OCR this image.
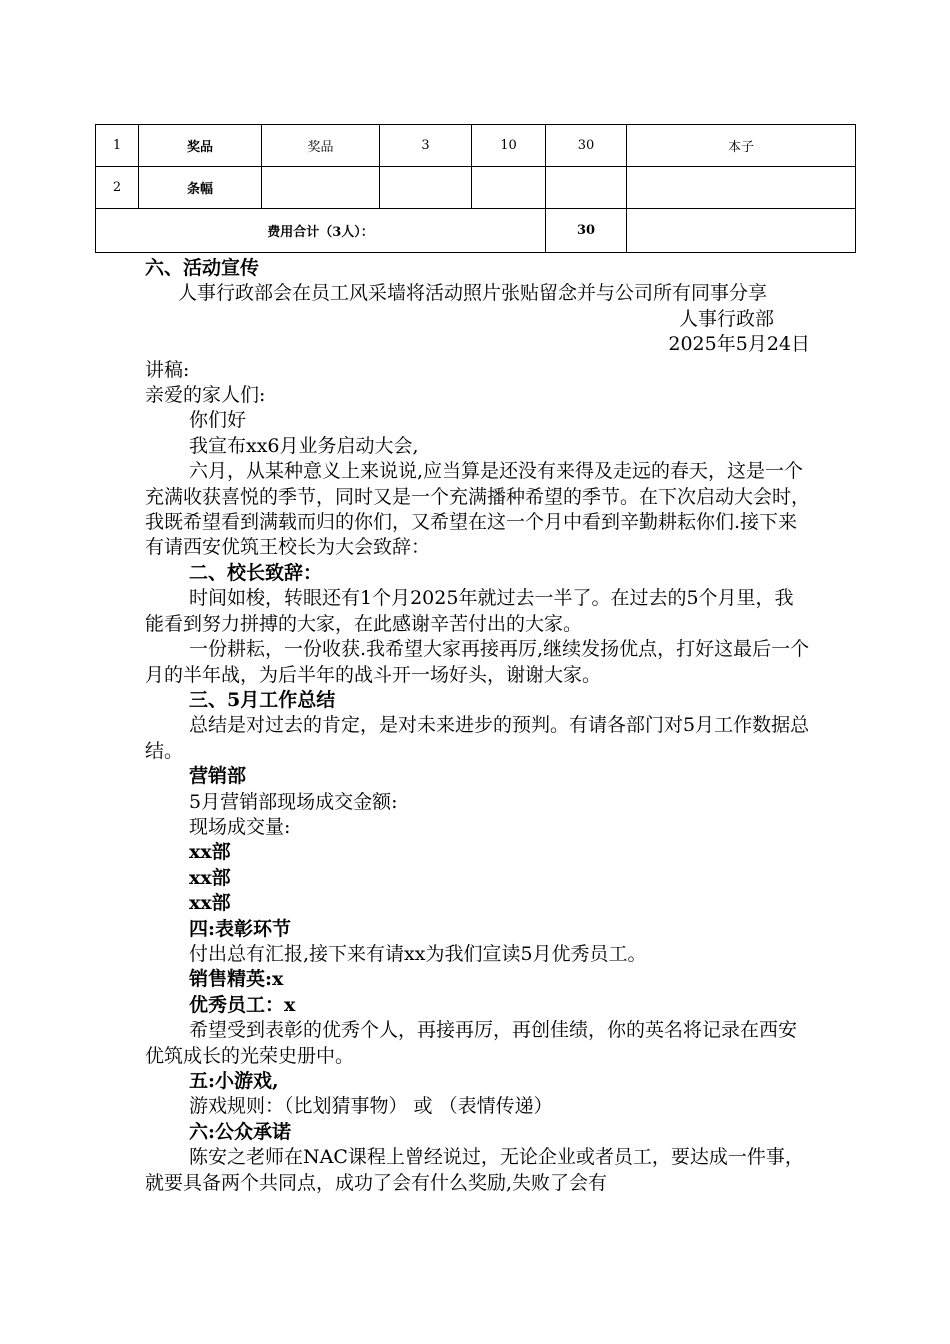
1	奖品	奖品	3	10	30	本子
2	条幅					
费用合计（3人）：					30	

六、活动宣传

人事行政部会在员工风采墙将活动照片张贴留念并与公司所有同事分享

人事行政部

2025年5月24日

讲稿:

亲爱的家人们:

你们好

我宣布xx6月业务启动大会,

六月，从某种意义上来说说,应当算是还没有来得及走远的春天，这是一个充满收获喜悦的季节，同时又是一个充满播种希望的季节。在下次启动大会时，我既希望看到满载而归的你们，又希望在这一个月中看到辛勤耕耘你们.接下来有请西安优筑王校长为大会致辞：

二、校长致辞：

时间如梭，转眼还有1个月2025年就过去一半了。在过去的5个月里，我能看到努力拼搏的大家，在此感谢辛苦付出的大家。

一份耕耘，一份收获.我希望大家再接再厉,继续发扬优点，打好这最后一个月的半年战，为后半年的战斗开一场好头，谢谢大家。

三、5月工作总结

总结是对过去的肯定，是对未来进步的预判。有请各部门对5月工作数据总结。

营销部

5月营销部现场成交金额:

现场成交量:

xx部

xx部

xx部

四:表彰环节

付出总有汇报,接下来有请xx为我们宣读5月优秀员工。

销售精英:x

优秀员工：x

希望受到表彰的优秀个人，再接再厉，再创佳绩，你的英名将记录在西安优筑成长的光荣史册中。

五:小游戏,

游戏规则：（比划猜事物） 或 （表情传递）

六:公众承诺

陈安之老师在NAC课程上曾经说过，无论企业或者员工，要达成一件事，就要具备两个共同点，成功了会有什么奖励,失败了会有
